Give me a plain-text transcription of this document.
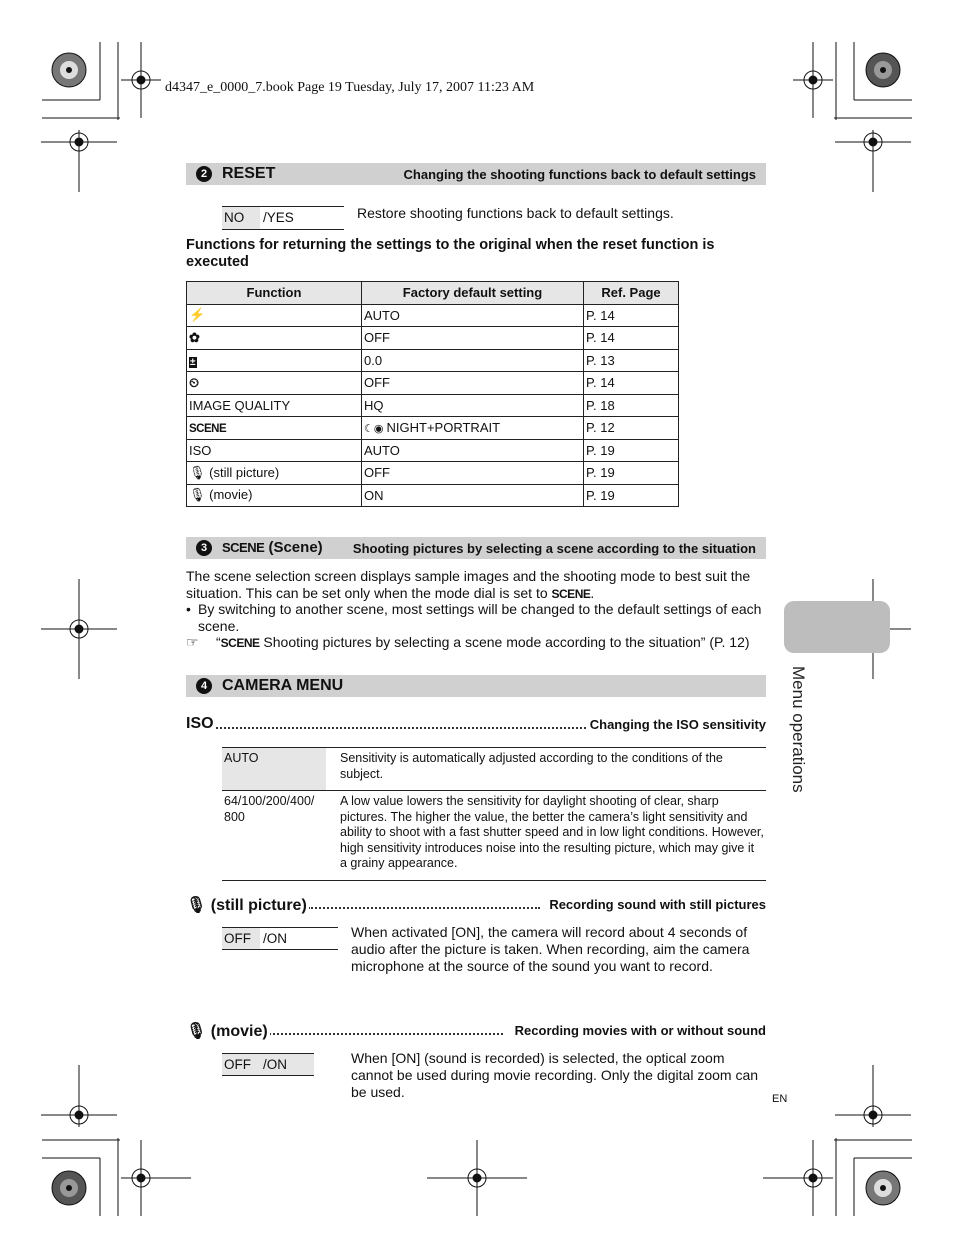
d4347_e_0000_7.book Page 19 Tuesday, July 17, 2007 11:23 AM
2 RESET	Changing the shooting functions back to default settings
NO /YES	Restore shooting functions back to default settings.

Functions for returning the settings to the original when the reset function is executed

Function	Factory default setting	Ref. Page
⚡	AUTO	P. 14
✿	OFF	P. 14
±	0.0	P. 13
⏲	OFF	P. 14
IMAGE QUALITY	HQ	P. 18
SCENE	☾◉ NIGHT+PORTRAIT	P. 12
ISO	AUTO	P. 19
🎙︎ (still picture)	OFF	P. 19
🎙︎ (movie)	ON	P. 19
3	SCENE (Scene) Shooting pictures by selecting a scene according to the situation

The scene selection screen displays sample images and the shooting mode to best suit the situation. This can be set only when the mode dial is set to SCENE.

• By switching to another scene, most settings will be changed to the default settings of each scene.

☞ “SCENE Shooting pictures by selecting a scene mode according to the situation” (P. 12)

4 CAMERA MENU
ISO	Changing the ISO sensitivity
AUTO	Sensitivity is automatically adjusted according to the conditions of the subject.
64/100/200/400/ 800	A low value lowers the sensitivity for daylight shooting of clear, sharp pictures. The higher the value, the better the camera’s light sensitivity and ability to shoot with a fast shutter speed and in low light conditions. However, high sensitivity introduces noise into the resulting picture, which may give it a grainy appearance.
🎙︎ (still picture)	Recording sound with still pictures
OFF /ON	When activated [ON], the camera will record about 4 seconds of audio after the picture is taken. When recording, aim the camera microphone at the source of the sound you want to record.

🎙︎ (movie)	Recording movies with or without sound
OFF /ON	When [ON] (sound is recorded) is selected, the optical zoom cannot be used during movie recording. Only the digital zoom can be used.

Menu operations
EN
